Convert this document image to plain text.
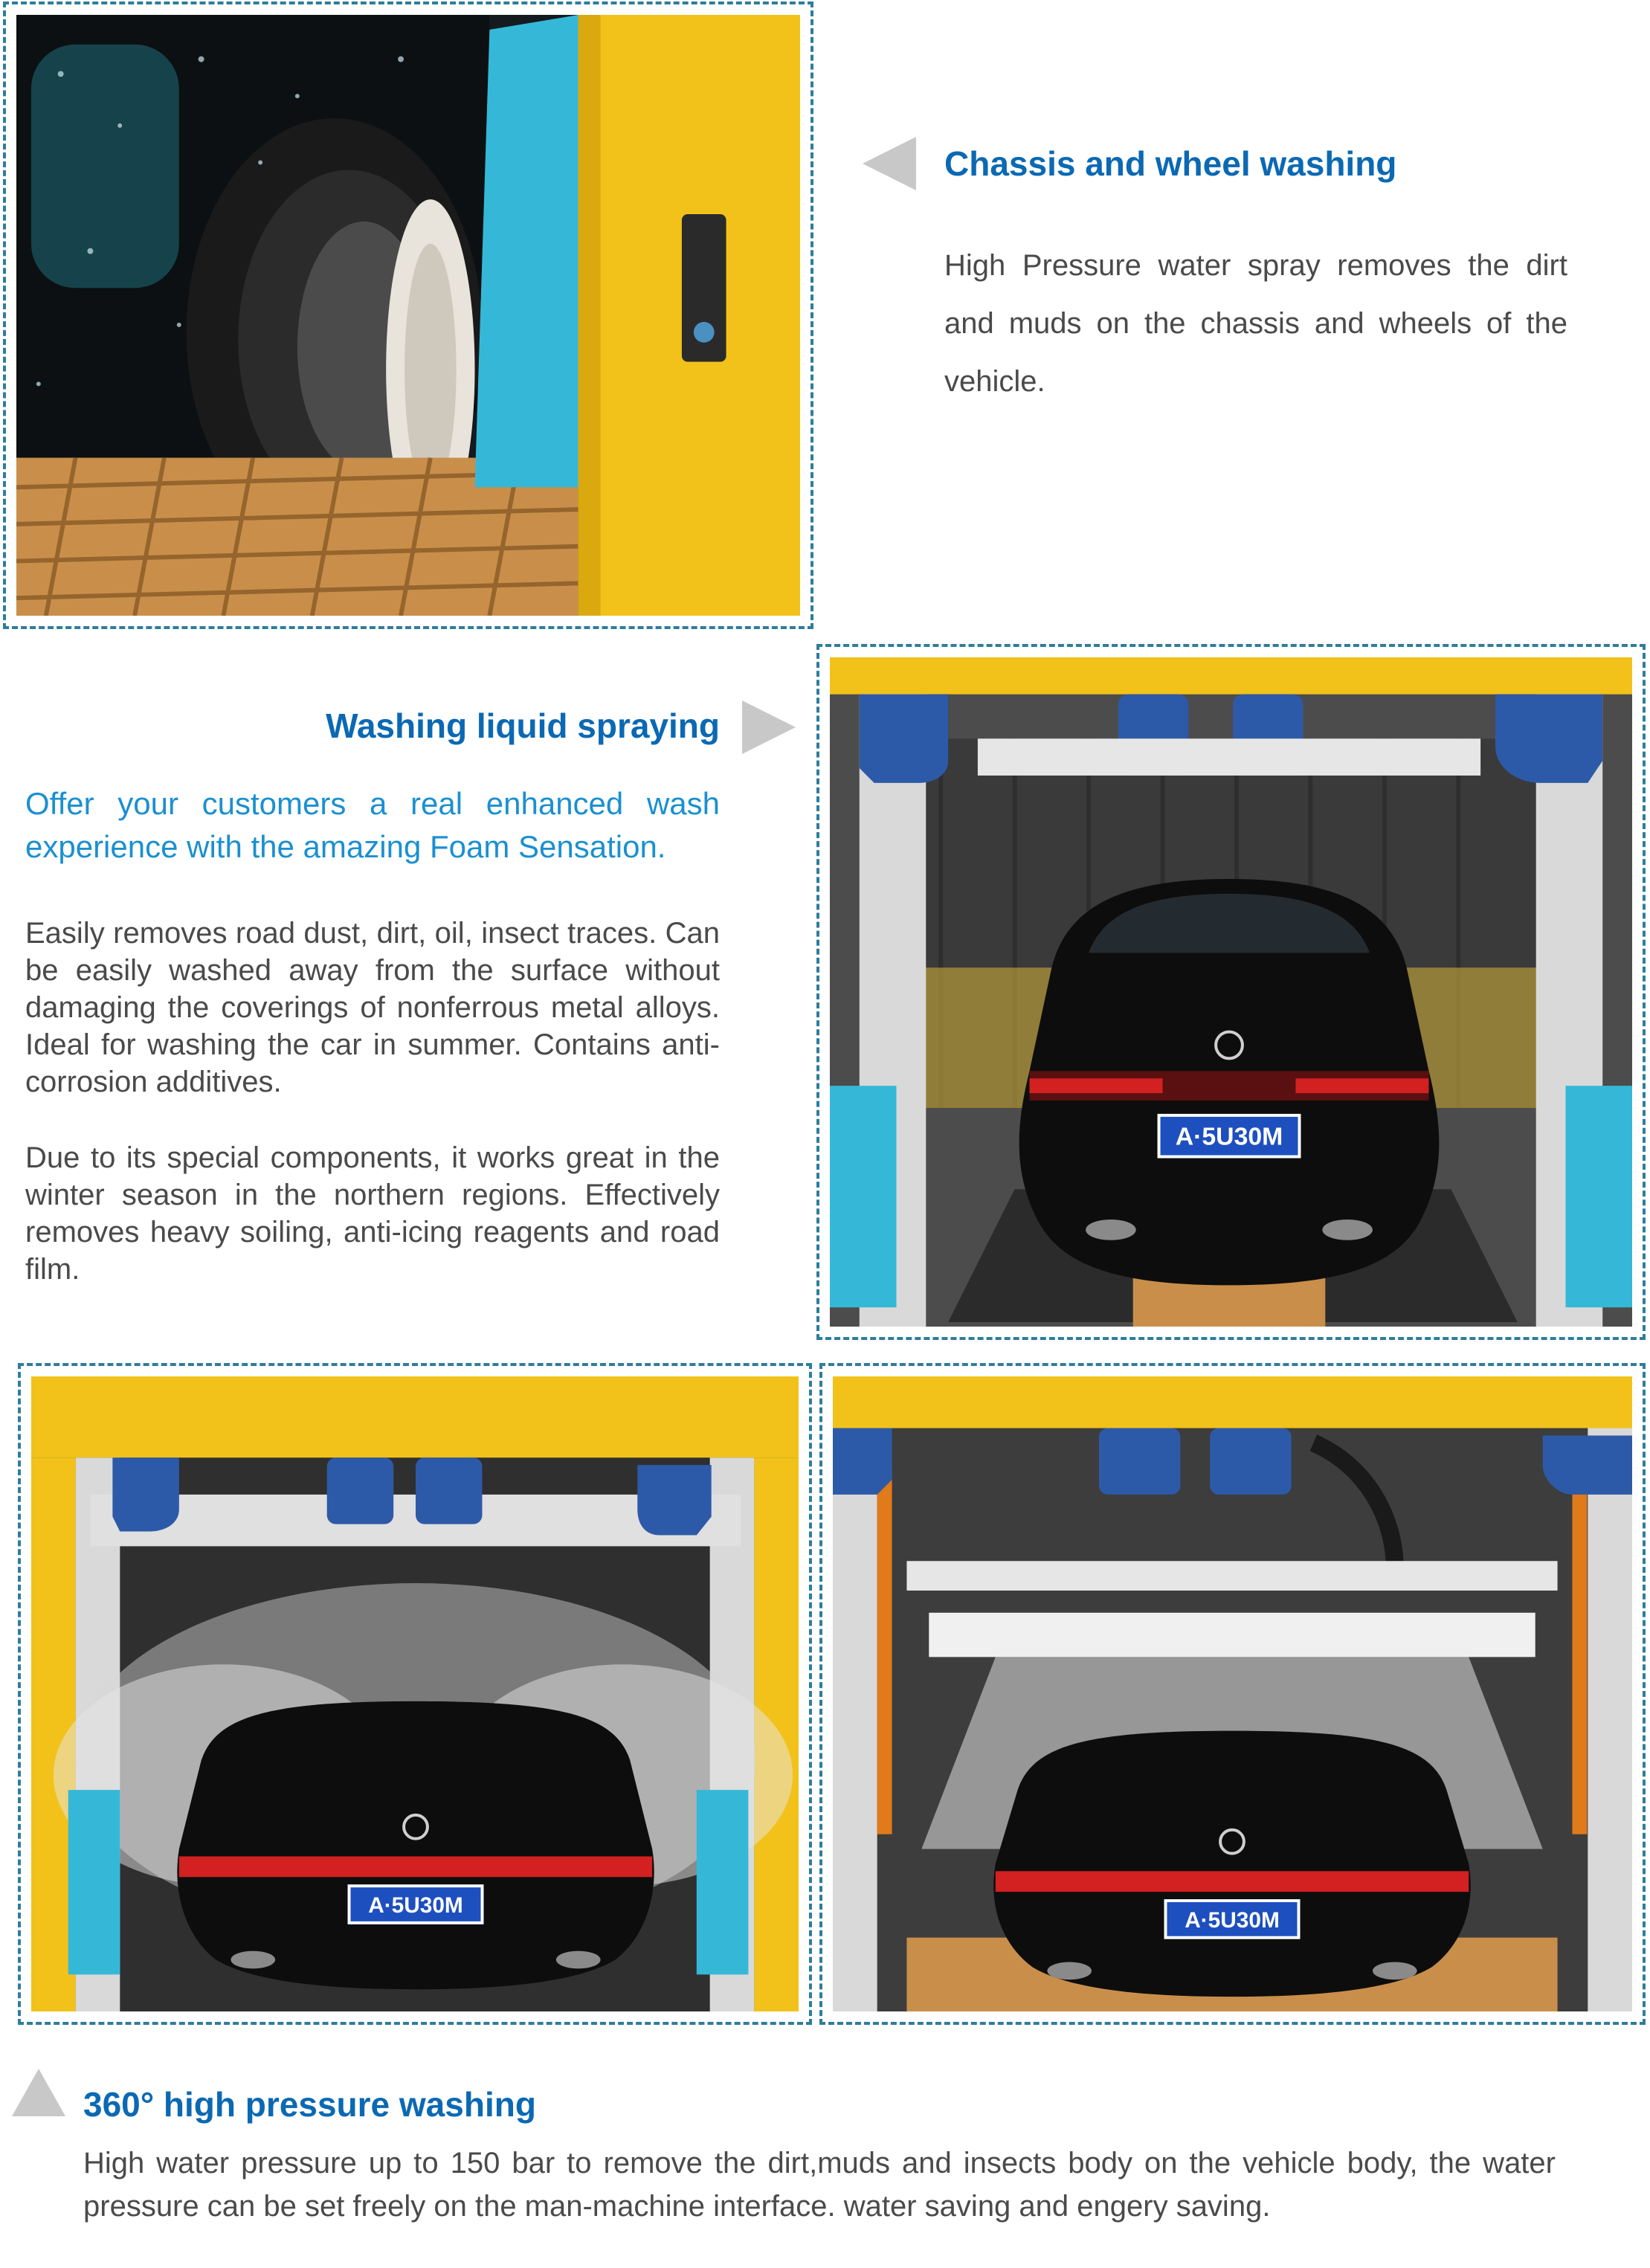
Chassis and wheel washing
High Pressure water spray removes the dirt and muds on the chassis and wheels of the vehicle.
A·5U30M
Washing liquid spraying
Offer your customers a real enhanced wash experience with the amazing Foam Sensation.
Easily removes road dust, dirt, oil, insect traces. Can be easily washed away from the surface without damaging the coverings of nonferrous metal alloys. Ideal for washing the car in summer. Contains anti-corrosion additives.
Due to its special components, it works great in the winter season in the northern regions. Effectively removes heavy soiling, anti-icing reagents and road film.
A·5U30M
A·5U30M
360° high pressure washing
High water pressure up to 150 bar to remove the dirt,muds and insects body on the vehicle body, the water pressure can be set freely on the man-machine interface. water saving and engery saving.
